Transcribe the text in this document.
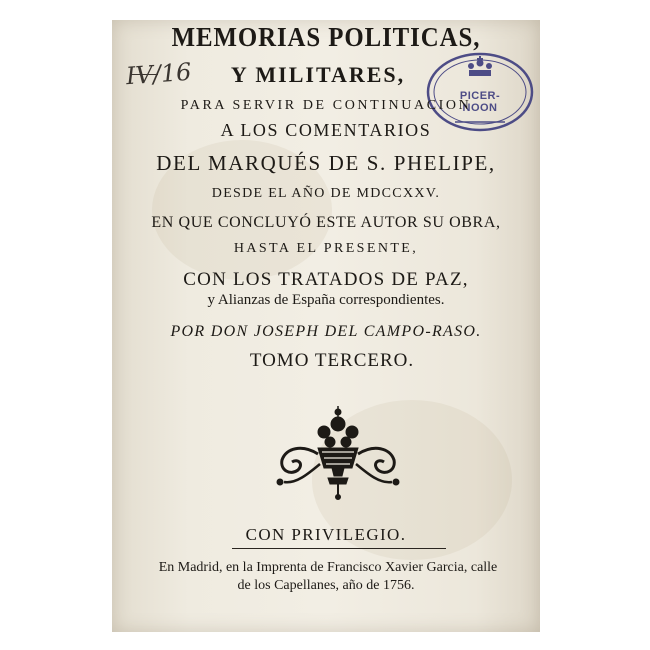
IV/16
PICER-
NOON
MEMORIAS POLITICAS,
Y MILITARES,
PARA SERVIR DE CONTINUACION
A LOS COMENTARIOS
DEL MARQUÉS DE S. PHELIPE,
DESDE EL AÑO DE MDCCXXV.
EN QUE CONCLUYÓ ESTE AUTOR SU OBRA,
HASTA EL PRESENTE,
CON LOS TRATADOS DE PAZ,
y Alianzas de España correspondientes.
POR DON JOSEPH DEL CAMPO-RASO.
TOMO TERCERO.
CON PRIVILEGIO.
En Madrid, en la Imprenta de Francisco Xavier Garcia, calle
de los Capellanes, año de 1756.
